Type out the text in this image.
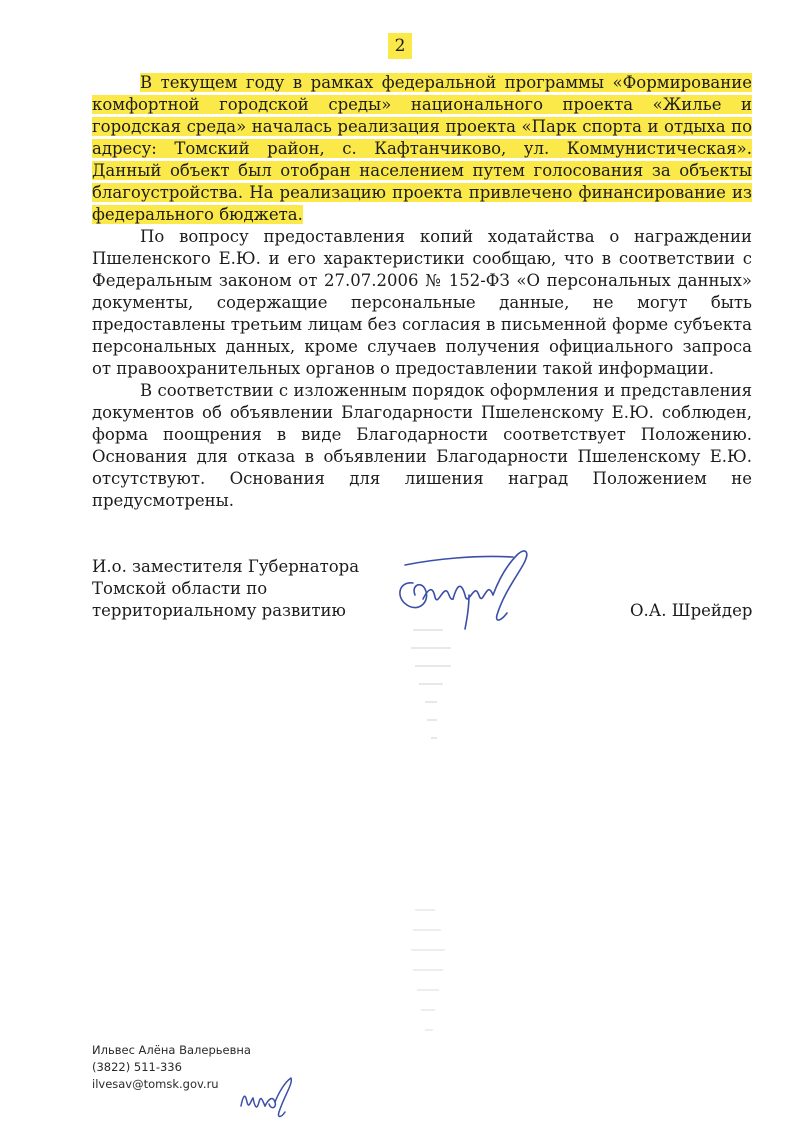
2

В текущем году в рамках федеральной программы «Формирование комфортной городской среды» национального проекта «Жилье и городская среда» началась реализация проекта «Парк спорта и отдыха по адресу: Томский район, с. Кафтанчиково, ул. Коммунистическая». Данный объект был отобран населением путем голосования за объекты благоустройства. На реализацию проекта привлечено финансирование из федерального бюджета.

По вопросу предоставления копий ходатайства о награждении Пшеленского Е.Ю. и его характеристики сообщаю, что в соответствии с Федеральным законом от 27.07.2006 № 152-ФЗ «О персональных данных» документы, содержащие персональные данные, не могут быть предоставлены третьим лицам без согласия в письменной форме субъекта персональных данных, кроме случаев получения официального запроса от правоохранительных органов о предоставлении такой информации.

В соответствии с изложенным порядок оформления и представления документов об объявлении Благодарности Пшеленскому Е.Ю. соблюден, форма поощрения в виде Благодарности соответствует Положению. Основания для отказа в объявлении Благодарности Пшеленскому Е.Ю. отсутствуют. Основания для лишения наград Положением не предусмотрены.

И.о. заместителя Губернатора
Томской области по
территориальному развитию	О.А. Шрейдер
Ильвес Алёна Валерьевна
(3822) 511-336
ilvesav@tomsk.gov.ru
